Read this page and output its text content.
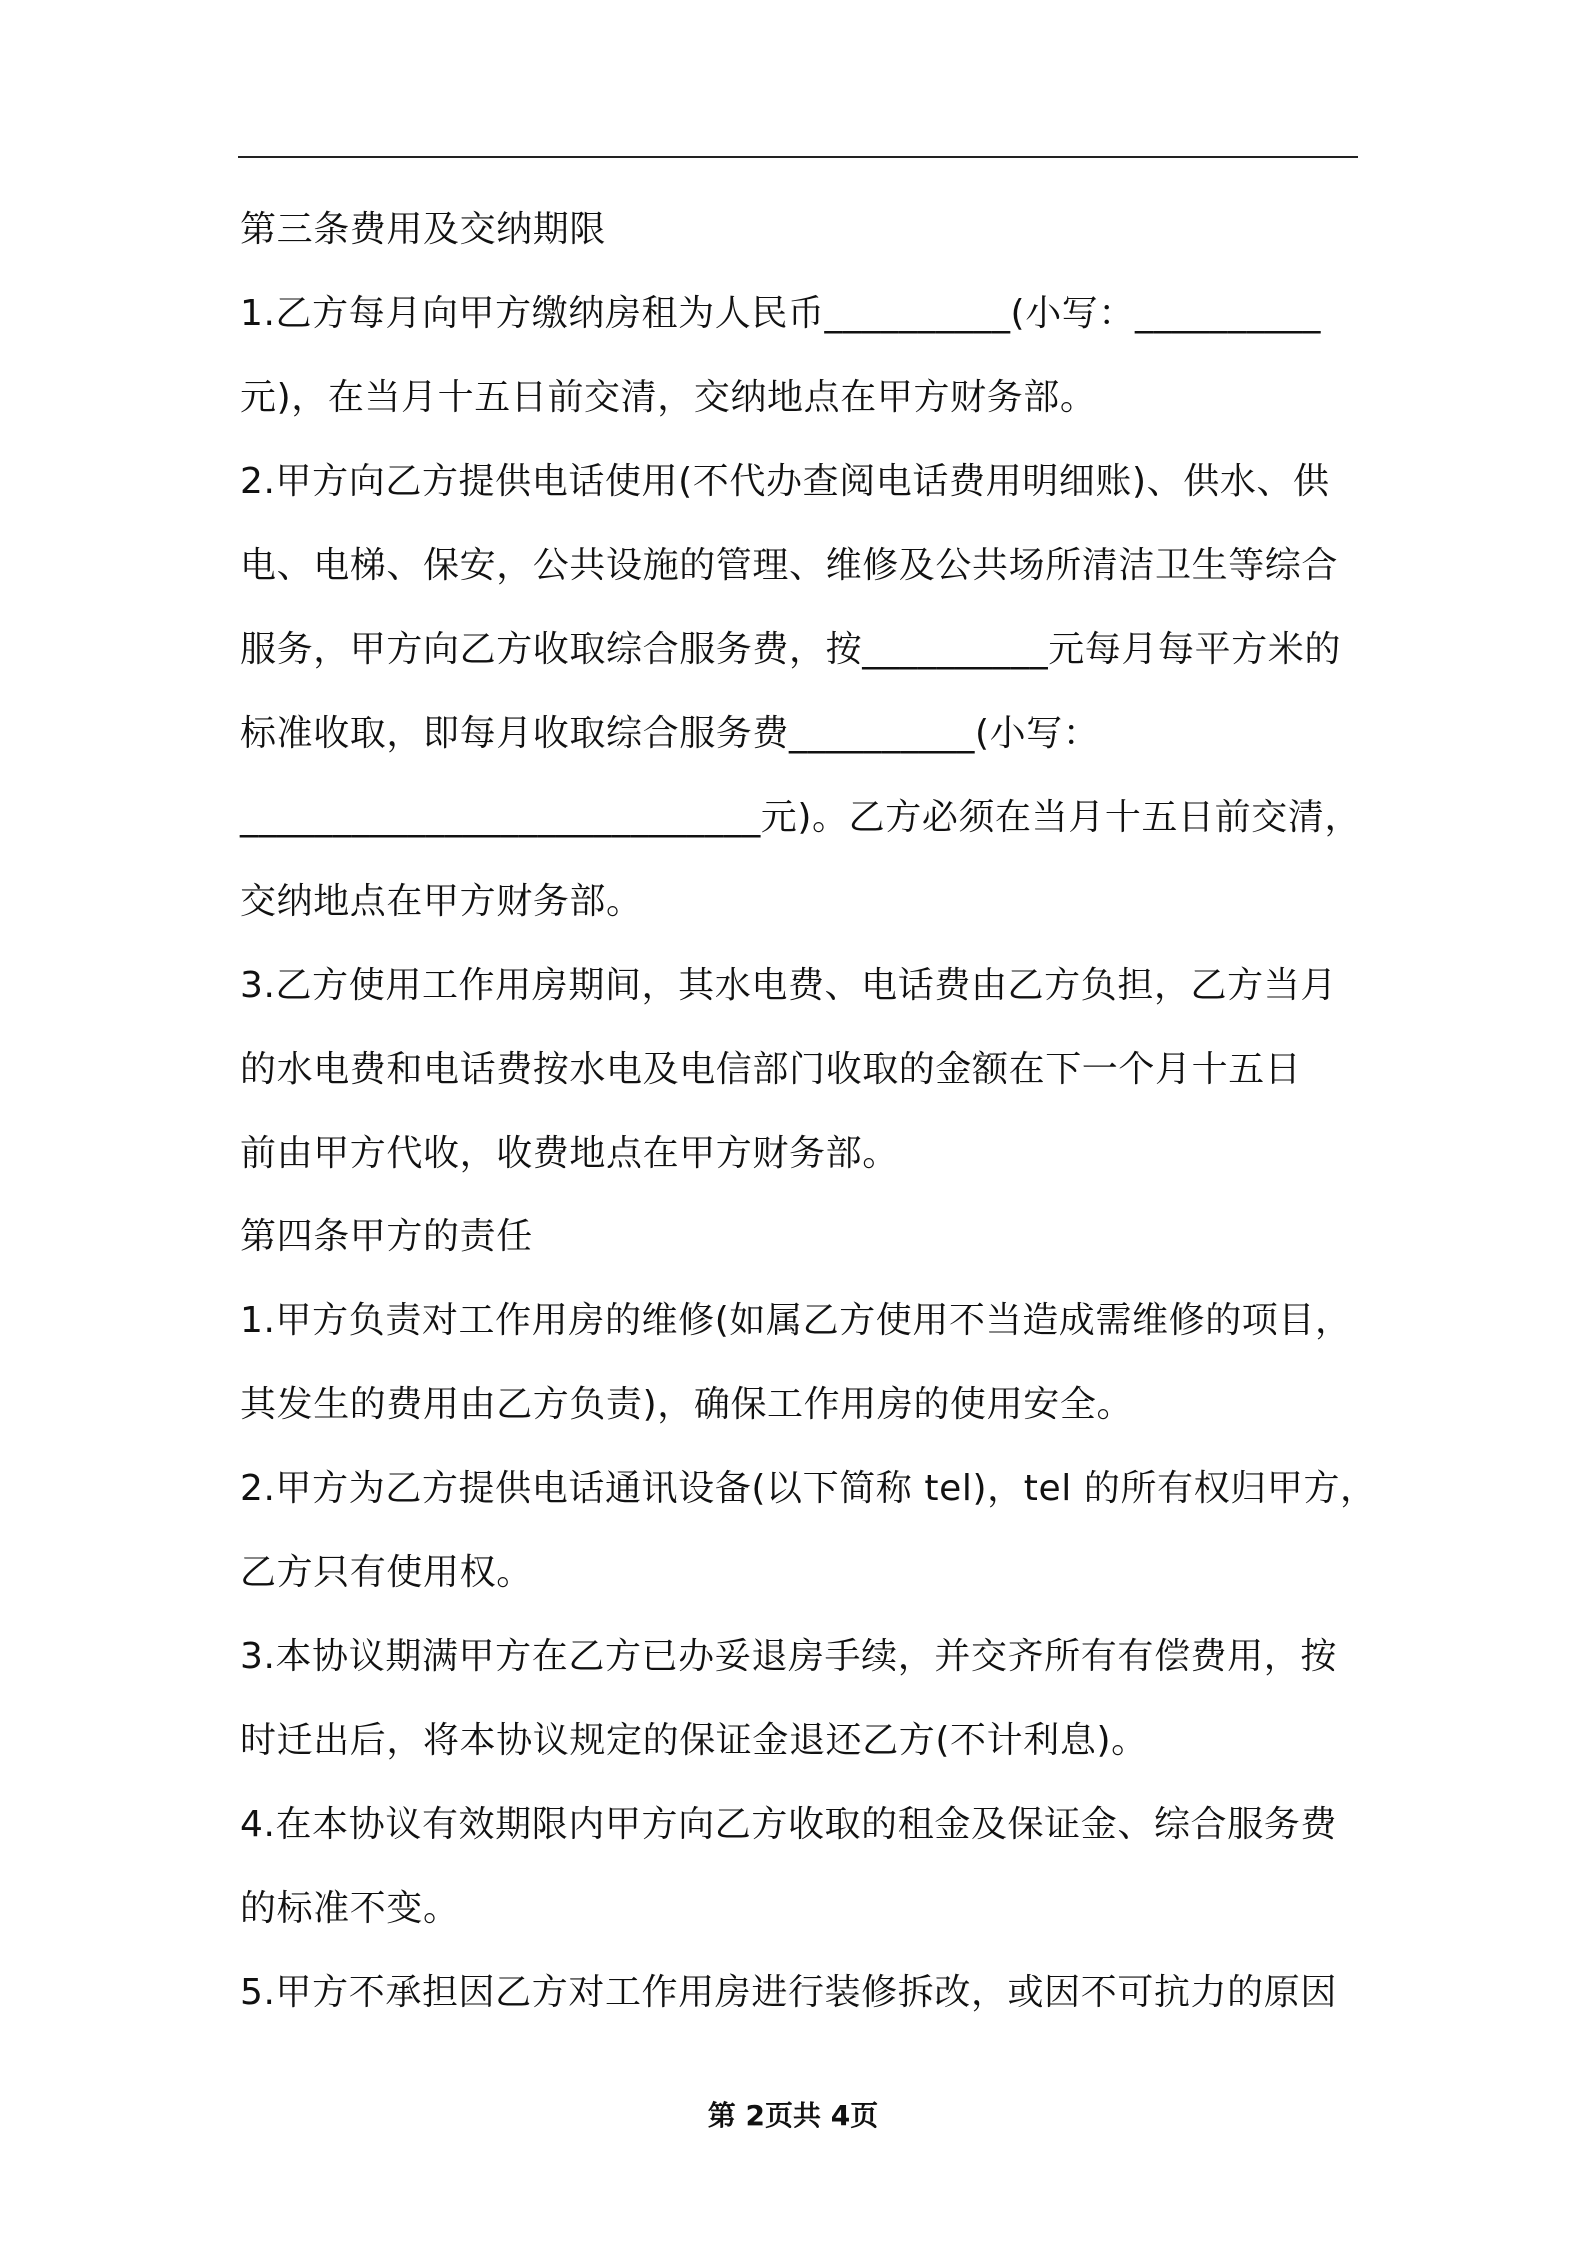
第三条费用及交纳期限
1.乙方每月向甲方缴纳房租为人民币__________(小写：__________
元)，在当月十五日前交清，交纳地点在甲方财务部。
2.甲方向乙方提供电话使用(不代办查阅电话费用明细账)、供水、供
电、电梯、保安，公共设施的管理、维修及公共场所清洁卫生等综合
服务，甲方向乙方收取综合服务费，按__________元每月每平方米的
标准收取，即每月收取综合服务费__________(小写：
____________________________元)。乙方必须在当月十五日前交清，
交纳地点在甲方财务部。
3.乙方使用工作用房期间，其水电费、电话费由乙方负担，乙方当月
的水电费和电话费按水电及电信部门收取的金额在下一个月十五日
前由甲方代收，收费地点在甲方财务部。
第四条甲方的责任
1.甲方负责对工作用房的维修(如属乙方使用不当造成需维修的项目，
其发生的费用由乙方负责)，确保工作用房的使用安全。
2.甲方为乙方提供电话通讯设备(以下简称 tel)，tel 的所有权归甲方，
乙方只有使用权。
3.本协议期满甲方在乙方已办妥退房手续，并交齐所有有偿费用，按
时迁出后，将本协议规定的保证金退还乙方(不计利息)。
4.在本协议有效期限内甲方向乙方收取的租金及保证金、综合服务费
的标准不变。
5.甲方不承担因乙方对工作用房进行装修拆改，或因不可抗力的原因
第 2页共 4页
